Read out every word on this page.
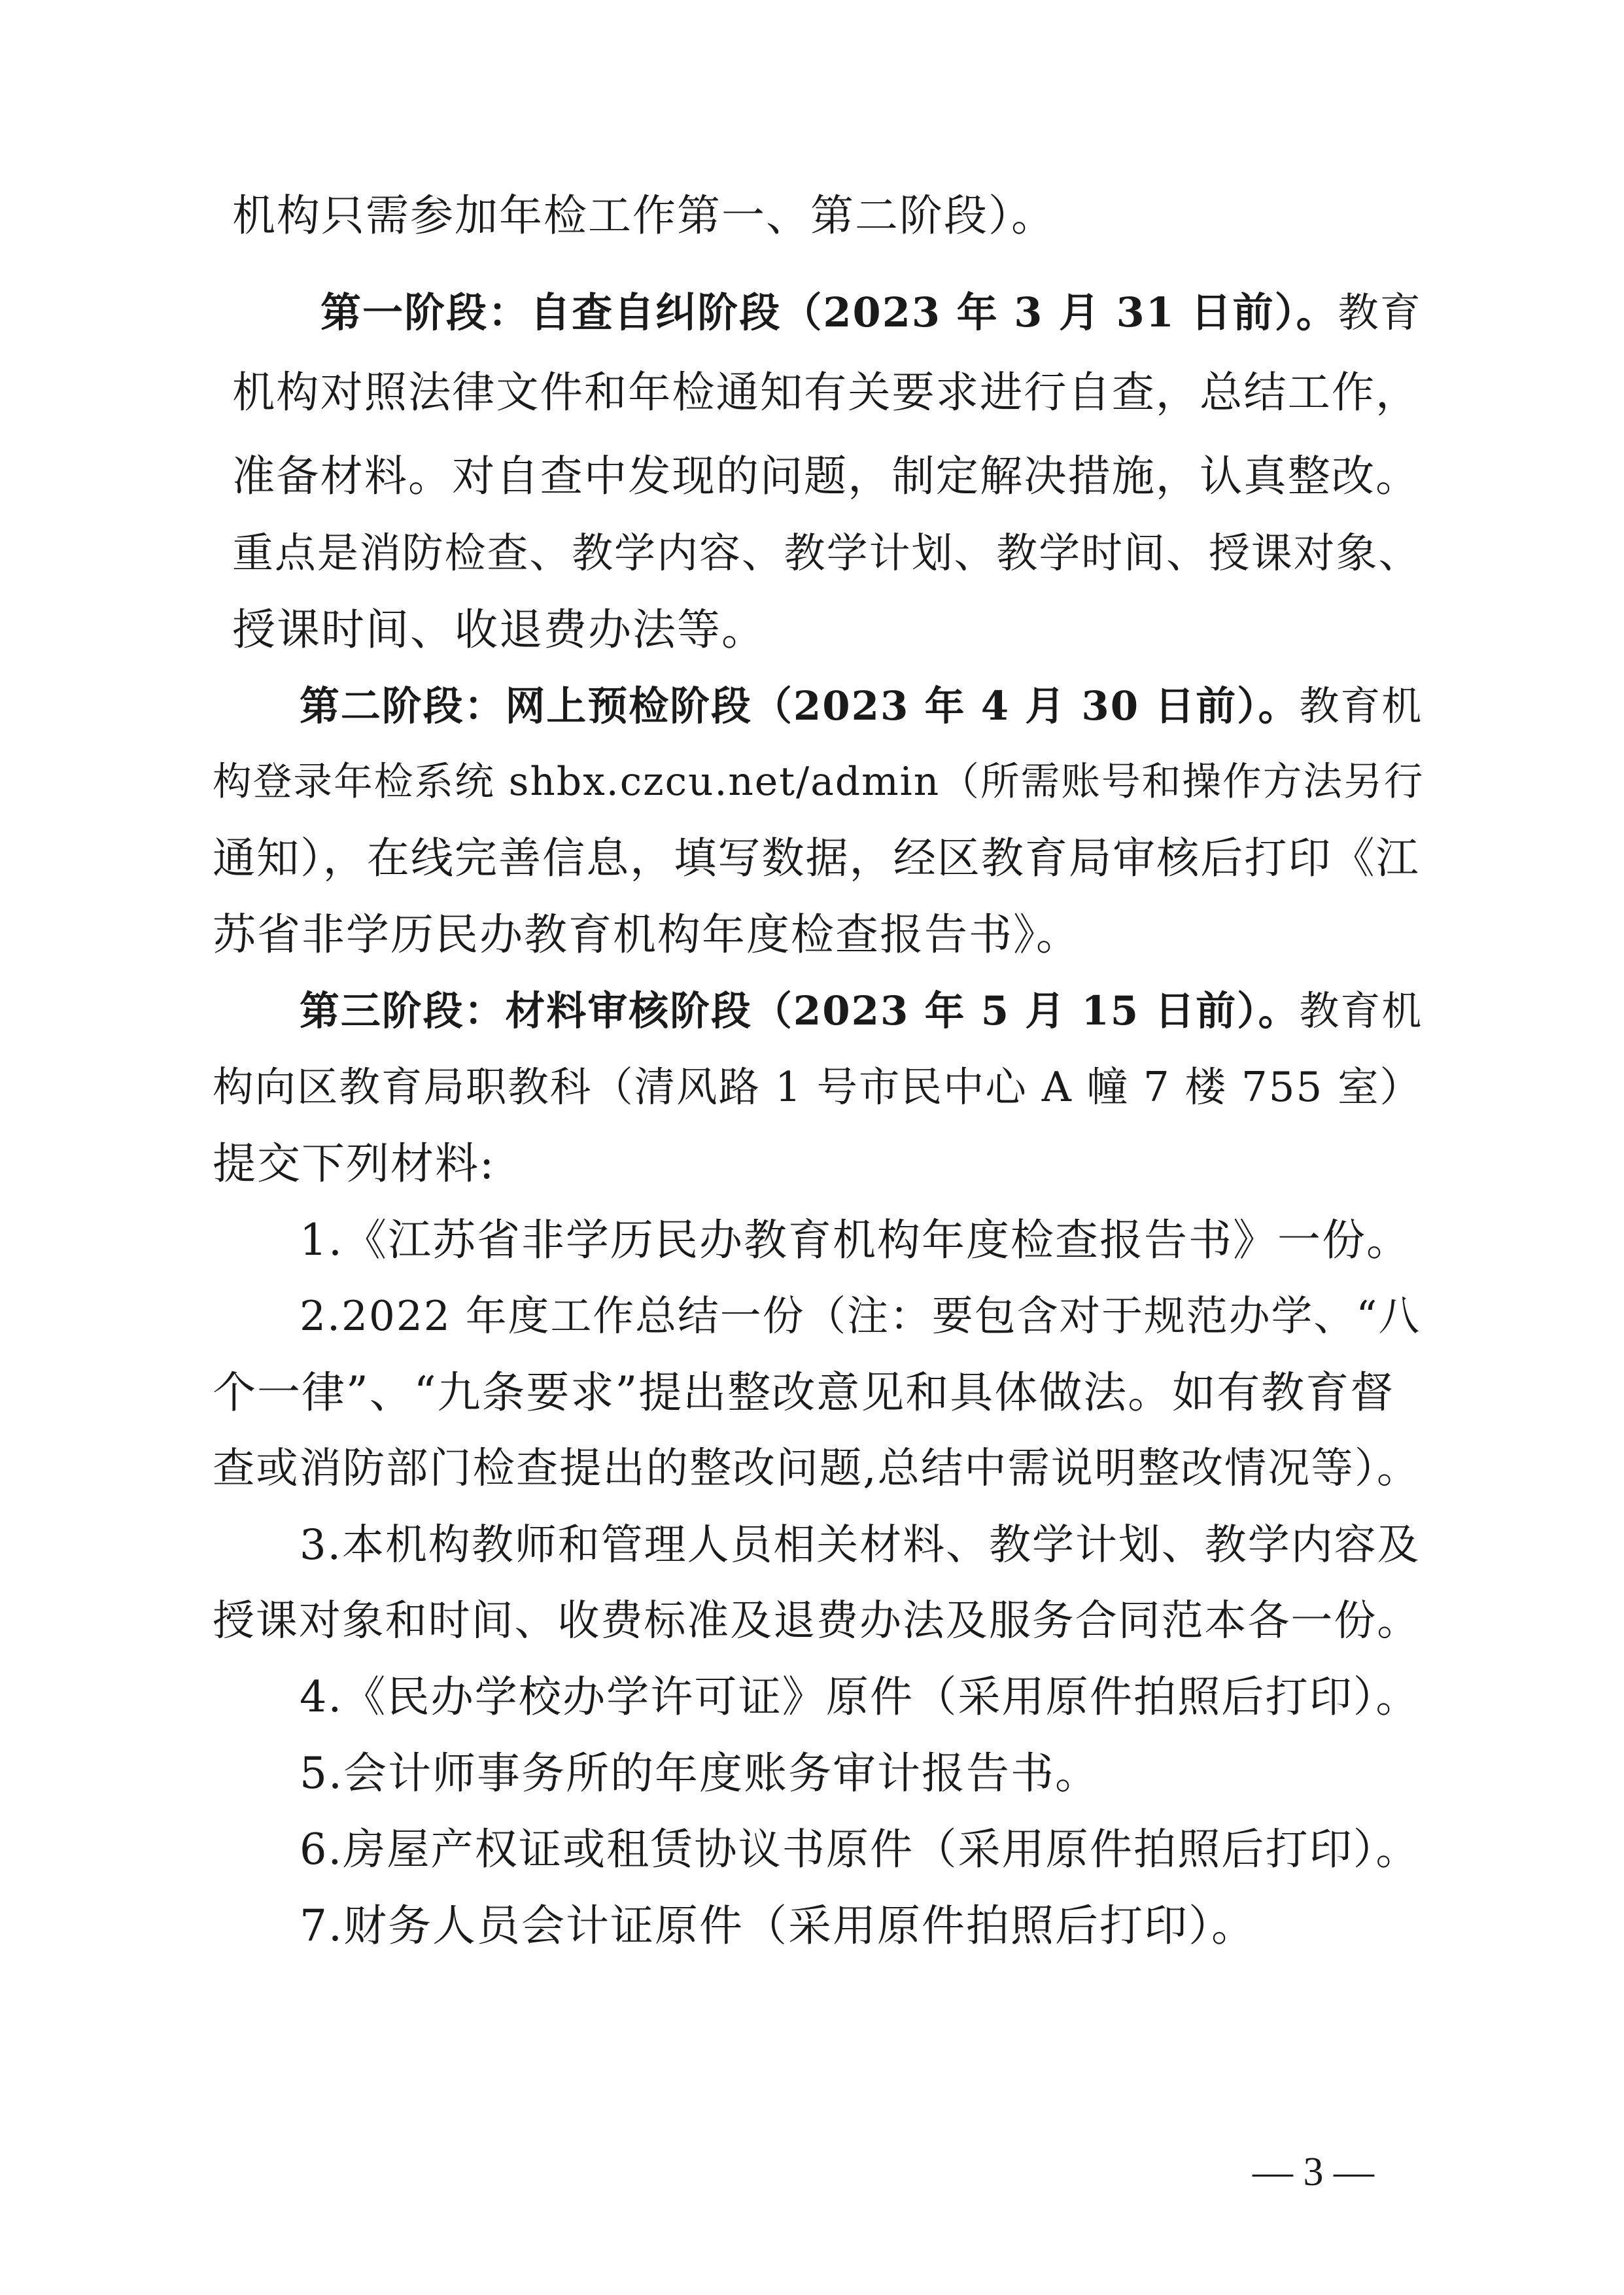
机构只需参加年检工作第一、第二阶段）。
第一阶段：自查自纠阶段（2023 年 3 月 31 日前）。教育
机构对照法律文件和年检通知有关要求进行自查，总结工作，
准备材料。对自查中发现的问题，制定解决措施，认真整改。
重点是消防检查、教学内容、教学计划、教学时间、授课对象、
授课时间、收退费办法等。
第二阶段：网上预检阶段（2023 年 4 月 30 日前）。教育机
构登录年检系统 shbx.czcu.net/admin（所需账号和操作方法另行
通知），在线完善信息，填写数据，经区教育局审核后打印《江
苏省非学历民办教育机构年度检查报告书》。
第三阶段：材料审核阶段（2023 年 5 月 15 日前）。教育机
构向区教育局职教科（清风路 1 号市民中心 A 幢 7 楼 755 室）
提交下列材料:
1.《江苏省非学历民办教育机构年度检查报告书》一份。
2.2022 年度工作总结一份（注：要包含对于规范办学、“八
个一律”、“九条要求”提出整改意见和具体做法。如有教育督
查或消防部门检查提出的整改问题,总结中需说明整改情况等）。
3.本机构教师和管理人员相关材料、教学计划、教学内容及
授课对象和时间、收费标准及退费办法及服务合同范本各一份。
4.《民办学校办学许可证》原件（采用原件拍照后打印）。
5.会计师事务所的年度账务审计报告书。
6.房屋产权证或租赁协议书原件（采用原件拍照后打印）。
7.财务人员会计证原件（采用原件拍照后打印）。
— 3 —
